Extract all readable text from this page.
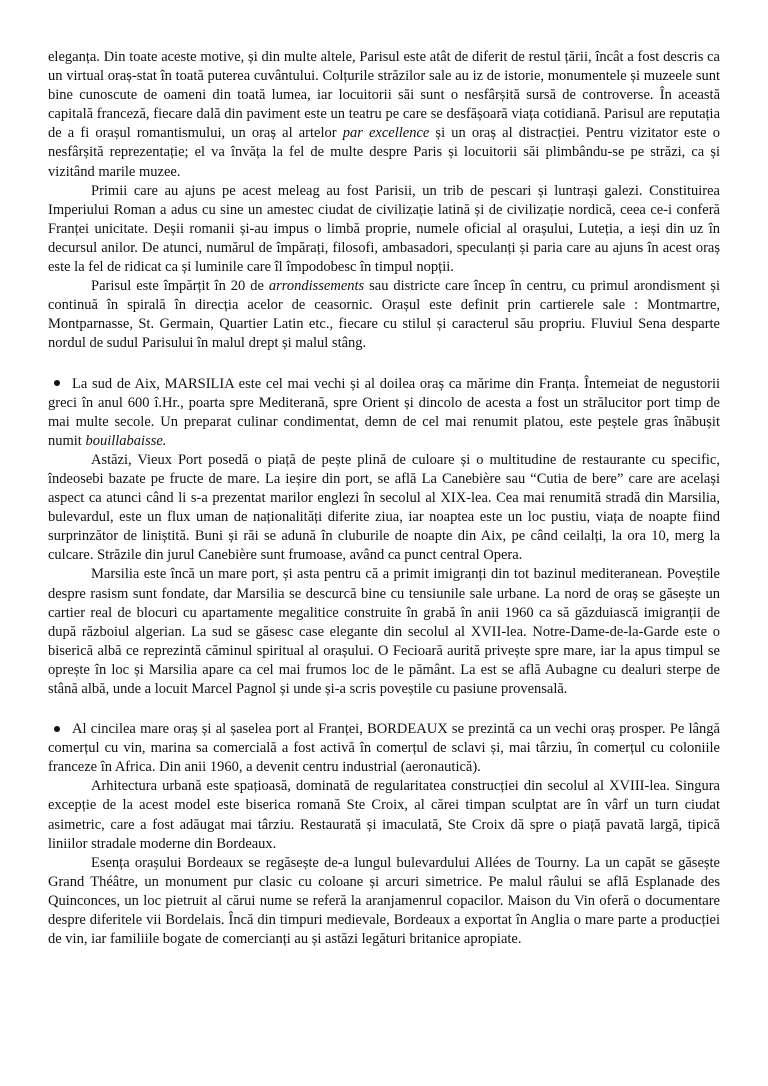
eleganța. Din toate aceste motive, și din multe altele, Parisul este atât de diferit de restul țării, încât a fost descris ca un virtual oraș-stat în toată puterea cuvântului. Colțurile străzilor sale au iz de istorie, monumentele și muzeele sunt bine cunoscute de oameni din toată lumea, iar locuitorii săi sunt o nesfârșită sursă de controverse. În această capitală franceză, fiecare dală din paviment este un teatru pe care se desfășoară viața cotidiană. Parisul are reputația de a fi orașul romantismului, un oraș al artelor par excellence și un oraș al distracției. Pentru vizitator este o nesfârșită reprezentație; el va învăța la fel de multe despre Paris și locuitorii săi plimbându-se pe străzi, ca și vizitând marile muzee.

Primii care au ajuns pe acest meleag au fost Parisii, un trib de pescari și luntrași galezi. Constituirea Imperiului Roman a adus cu sine un amestec ciudat de civilizație latină și de civilizație nordică, ceea ce-i conferă Franței unicitate. Deșii romanii și-au impus o limbă proprie, numele oficial al orașului, Luteția, a ieși din uz în decursul anilor. De atunci, numărul de împărați, filosofi, ambasadori, speculanți și paria care au ajuns în acest oraș este la fel de ridicat ca și luminile care îl împodobesc în timpul nopții.

Parisul este împărțit în 20 de arrondissements sau districte care încep în centru, cu primul arondisment și continuă în spirală în direcția acelor de ceasornic. Orașul este definit prin cartierele sale : Montmartre, Montparnasse, St. Germain, Quartier Latin etc., fiecare cu stilul și caracterul său propriu. Fluviul Sena desparte nordul de sudul Parisului în malul drept și malul stâng.

La sud de Aix, MARSILIA este cel mai vechi și al doilea oraș ca mărime din Franța. Întemeiat de negustorii greci în anul 600 î.Hr., poarta spre Mediterană, spre Orient și dincolo de acesta a fost un strălucitor port timp de mai multe secole. Un preparat culinar condimentat, demn de cel mai renumit platou, este peștele gras înăbușit numit bouillabaisse.

Astăzi, Vieux Port posedă o piață de pește plină de culoare și o multitudine de restaurante cu specific, îndeosebi bazate pe fructe de mare. La ieșire din port, se află La Canebière sau “Cutia de bere” care are același aspect ca atunci când li s-a prezentat marilor englezi în secolul al XIX-lea. Cea mai renumită stradă din Marsilia, bulevardul, este un flux uman de naționalități diferite ziua, iar noaptea este un loc pustiu, viața de noapte fiind surprinzător de liniștită. Buni și răi se adună în cluburile de noapte din Aix, pe când ceilalți, la ora 10, merg la culcare. Străzile din jurul Canebière sunt frumoase, având ca punct central Opera.

Marsilia este încă un mare port, și asta pentru că a primit imigranți din tot bazinul mediteranean. Poveștile despre rasism sunt fondate, dar Marsilia se descurcă bine cu tensiunile sale urbane. La nord de oraș se găsește un cartier real de blocuri cu apartamente megalitice construite în grabă în anii 1960 ca să găzduiască imigranții de după războiul algerian. La sud se găsesc case elegante din secolul al XVII-lea. Notre-Dame-de-la-Garde este o biserică albă ce reprezintă căminul spiritual al orașului. O Fecioară aurită privește spre mare, iar la apus timpul se oprește în loc și Marsilia apare ca cel mai frumos loc de le pământ. La est se află Aubagne cu dealuri sterpe de stână albă, unde a locuit Marcel Pagnol și unde și-a scris poveștile cu pasiune provensală.

Al cincilea mare oraș și al șaselea port al Franței, BORDEAUX se prezintă ca un vechi oraș prosper. Pe lângă comerțul cu vin, marina sa comercială a fost activă în comerțul de sclavi și, mai târziu, în comerțul cu coloniile franceze în Africa. Din anii 1960, a devenit centru industrial (aeronautică).

Arhitectura urbană este spațioasă, dominată de regularitatea construcției din secolul al XVIII-lea. Singura excepție de la acest model este biserica romană Ste Croix, al cărei timpan sculptat are în vârf un turn ciudat asimetric, care a fost adăugat mai târziu. Restaurată și imaculată, Ste Croix dă spre o piață pavată largă, tipică liniilor stradale moderne din Bordeaux.

Esența orașului Bordeaux se regăsește de-a lungul bulevardului Allées de Tourny. La un capăt se găsește Grand Théâtre, un monument pur clasic cu coloane și arcuri simetrice. Pe malul râului se află Esplanade des Quinconces, un loc pietruit al cărui nume se referă la aranjamenrul copacilor. Maison du Vin oferă o documentare despre diferitele vii Bordelais. Încă din timpuri medievale, Bordeaux a exportat în Anglia o mare parte a producției de vin, iar familiile bogate de comercianți au și astăzi legături britanice apropiate.
